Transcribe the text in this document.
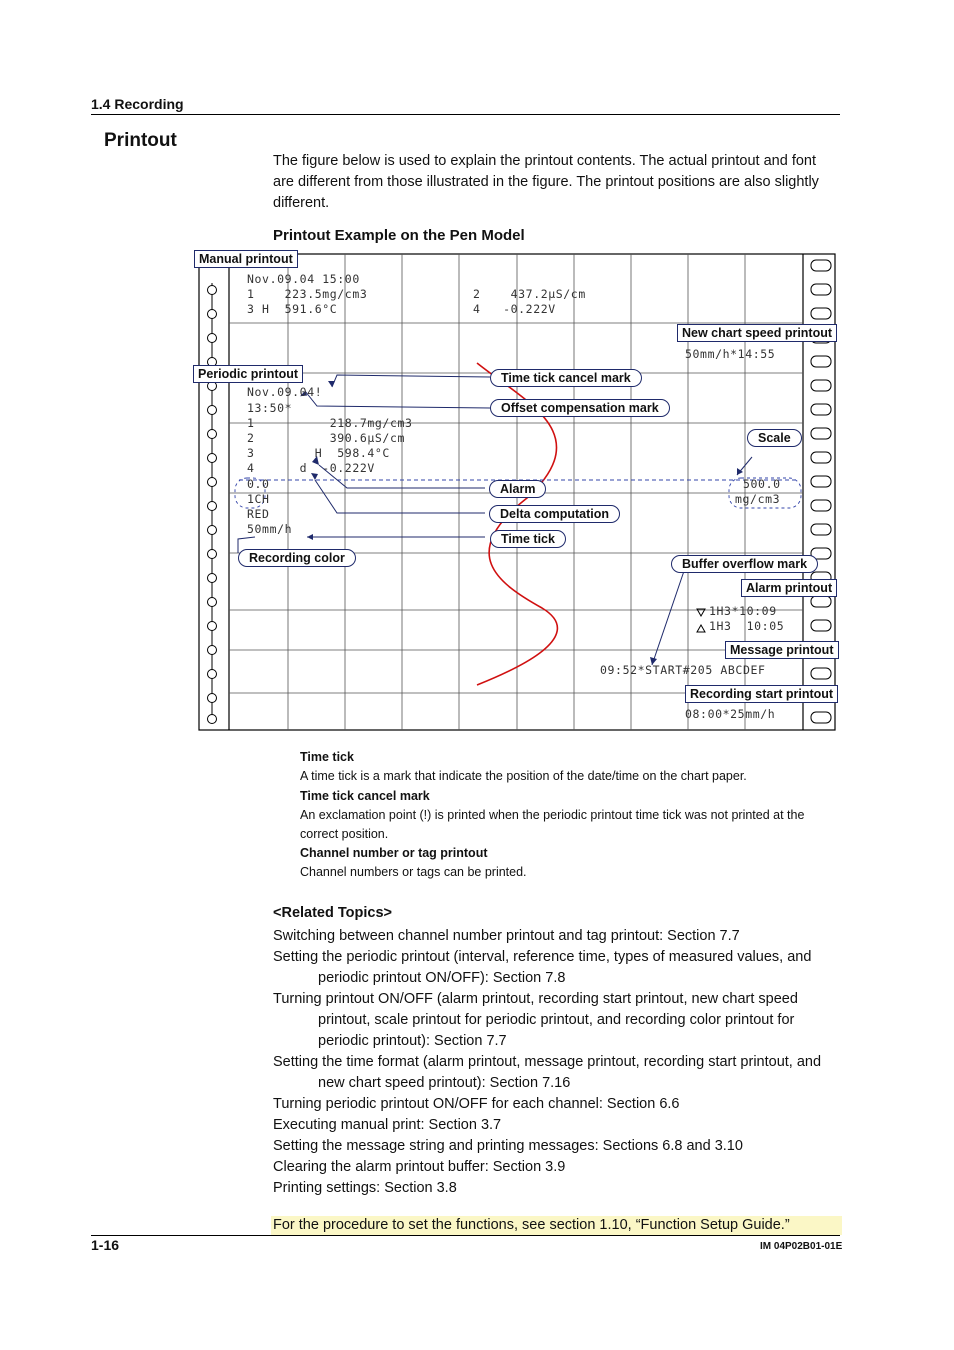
1.4 Recording
Printout
The figure below is used to explain the printout contents. The actual printout and font are different from those illustrated in the figure. The printout positions are also slightly different.
Printout Example on the Pen Model
Nov.09.04 15:00
1    223.5mg/cm3	2    437.2µS/cm
3 H  591.6°C	4   -0.222V
50mm/h*14:55
Nov.09.04!
13:50*
1          218.7mg/cm3
2          390.6µS/cm
3        H  598.4°C
4      d  -0.222V
0.0
1CH
RED
50mm/h
500.0
mg/cm3
1H3*10:09
1H3  10:05
09:52*START#205 ABCDEF
08:00*25mm/h
Manual printout
Periodic printout
New chart speed printout
Time tick cancel mark
Offset compensation mark
Scale
Alarm
Delta computation
Time tick
Recording color	Buffer overflow mark
Alarm printout
Message printout
Recording start printout
Time tick
A time tick is a mark that indicate the position of the date/time on the chart paper.
Time tick cancel mark
An exclamation point (!) is printed when the periodic printout time tick was not printed at the correct position.
Channel number or tag printout
Channel numbers or tags can be printed.
<Related Topics>
Switching between channel number printout and tag printout: Section 7.7
Setting the periodic printout (interval, reference time, types of measured values, and periodic printout ON/OFF): Section 7.8
Turning printout ON/OFF (alarm printout, recording start printout, new chart speed printout, scale printout for periodic printout, and recording color printout for periodic printout): Section 7.7
Setting the time format (alarm printout, message printout, recording start printout, and new chart speed printout): Section 7.16
Turning periodic printout ON/OFF for each channel: Section 6.6
Executing manual print: Section 3.7
Setting the message string and printing messages: Sections 6.8 and 3.10
Clearing the alarm printout buffer: Section 3.9
Printing settings: Section 3.8
For the procedure to set the functions, see section 1.10, “Function Setup Guide.”
1-16	IM 04P02B01-01E
